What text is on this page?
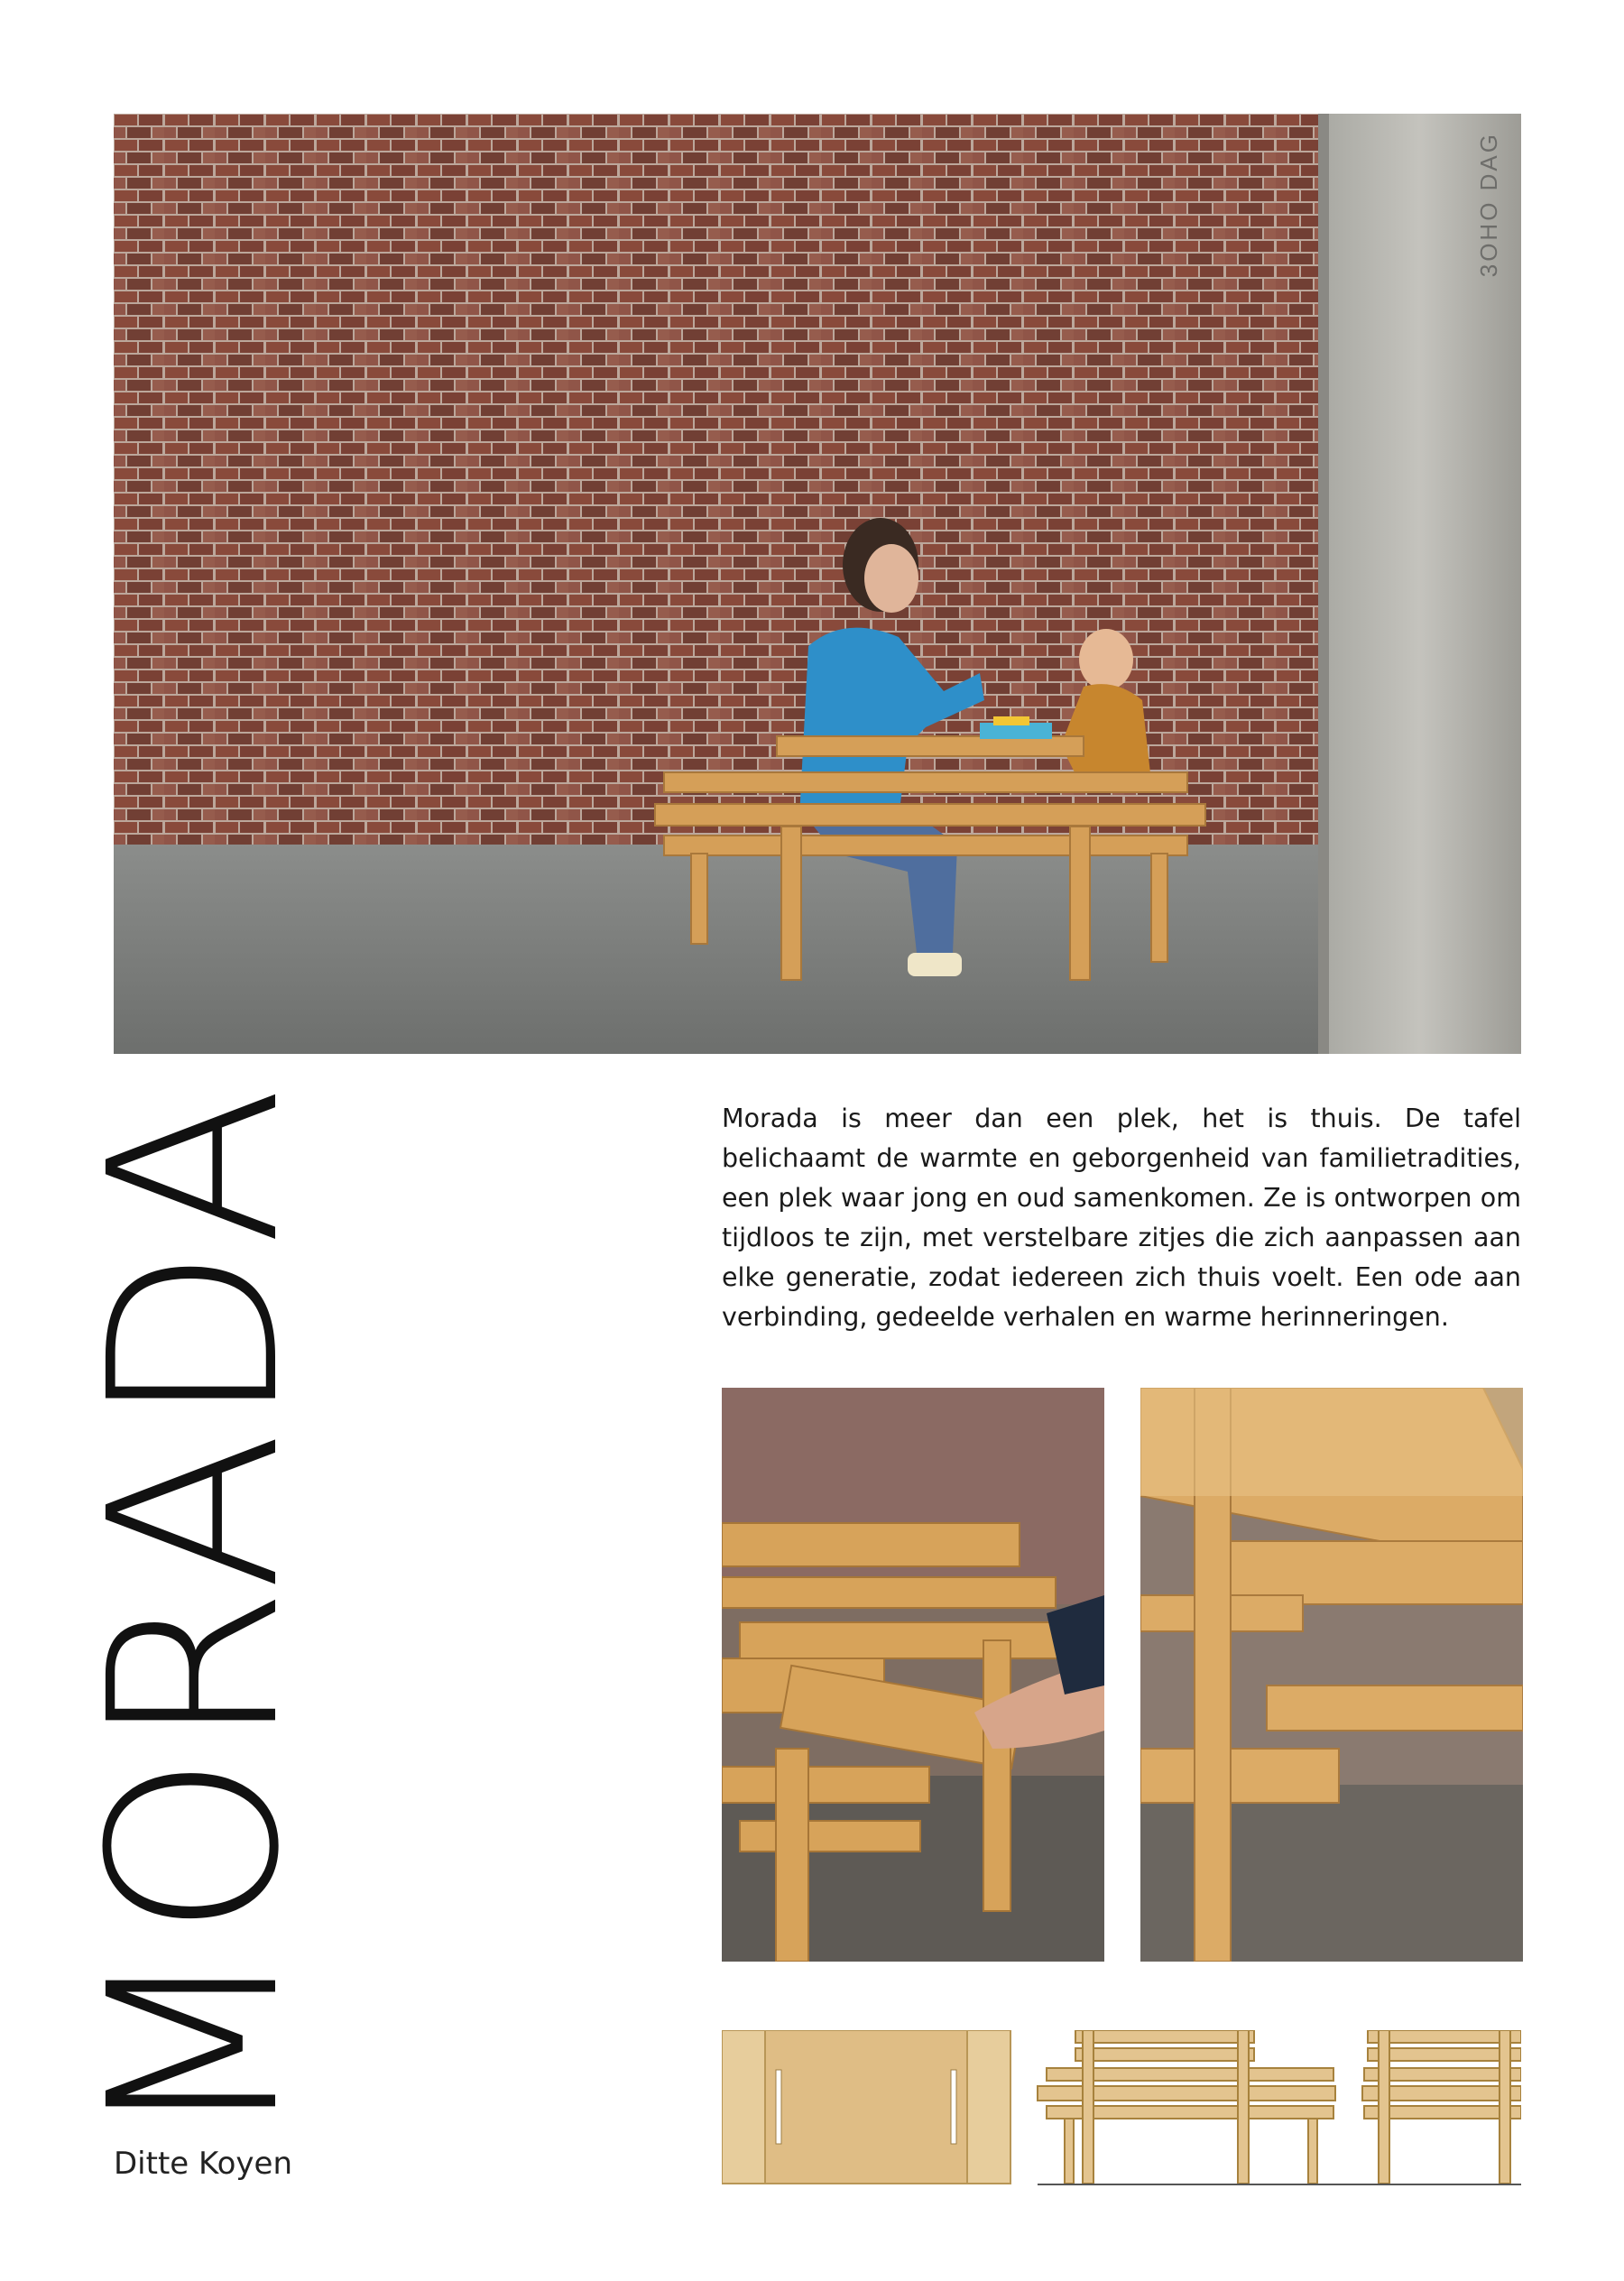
3OHO DAG
MORADA
Ditte Koyen
Morada is meer dan een plek, het is thuis. De tafel belichaamt de warmte en geborgenheid van familietradities, een plek waar jong en oud samenkomen. Ze is ontworpen om tijdloos te zijn, met verstelbare zitjes die zich aanpassen aan elke generatie, zodat iedereen zich thuis voelt. Een ode aan verbinding, gedeelde verhalen en warme herinneringen.
